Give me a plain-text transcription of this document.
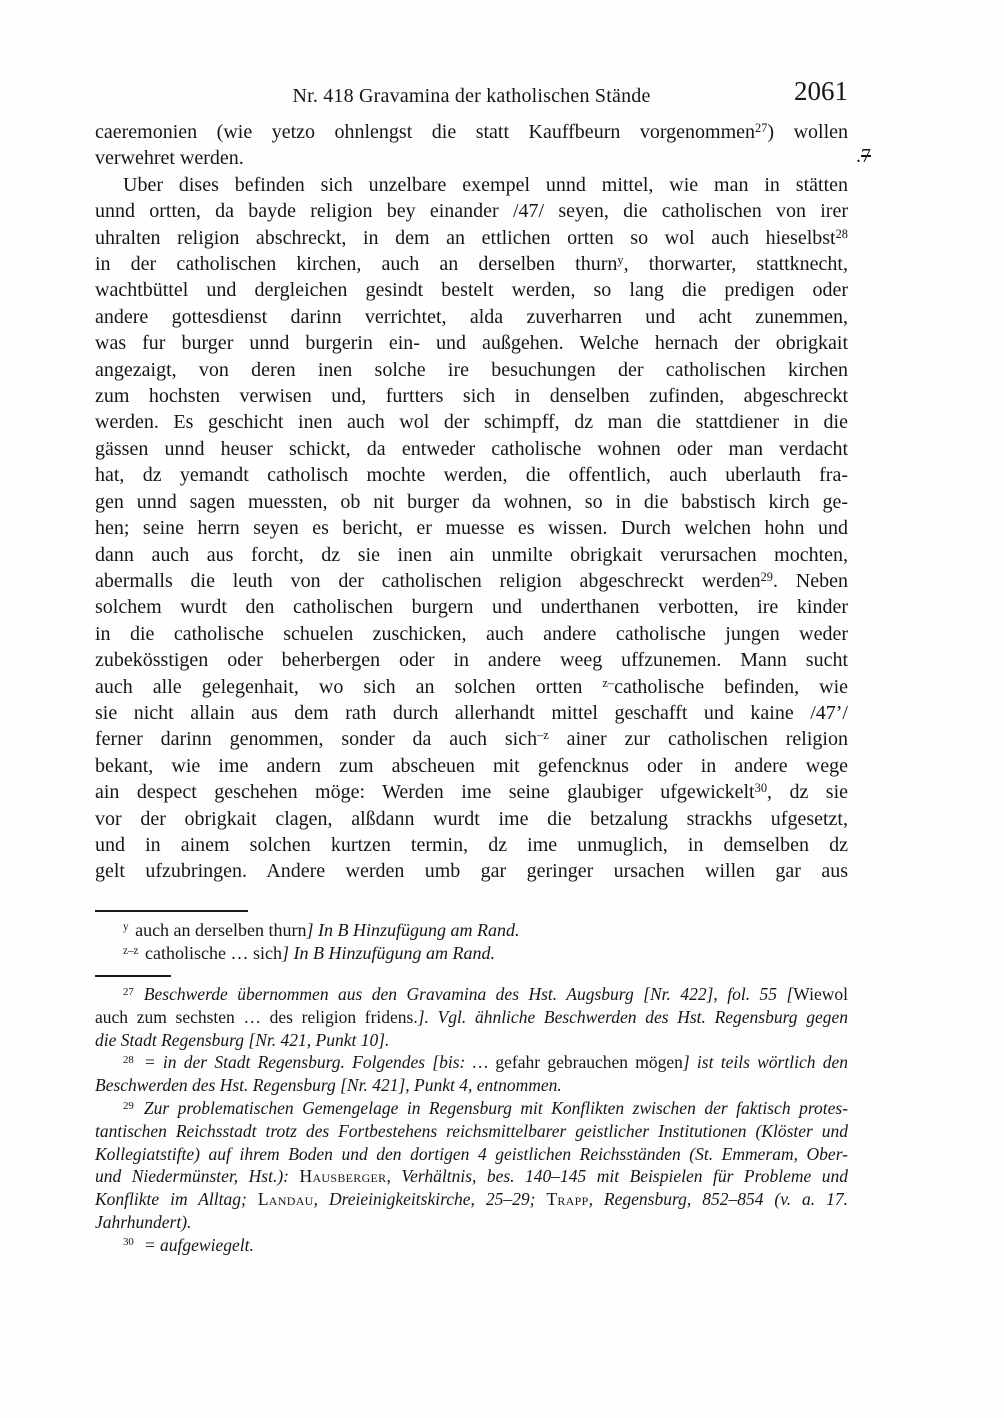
Nr. 418 Gravamina der katholischen Stände	2061
caeremonien (wie yetzo ohnlengst die statt Kauffbeurn vorgenommen$^{27}$) wollen
verwehret werden.
Uber dises befinden sich unzelbare exempel unnd mittel, wie man in stätten
unnd ortten, da bayde religion bey einander /47/ seyen, die catholischen von irer
uhralten religion abschreckt, in dem an ettlichen ortten so wol auch hieselbst$^{28}$
in der catholischen kirchen, auch an derselben thurn$^y$, thorwarter, stattknecht,
wachtbüttel und dergleichen gesindt bestelt werden, so lang die predigen oder
andere gottesdienst darinn verrichtet, alda zuverharren und acht zunemmen,
was fur burger unnd burgerin ein- und außgehen. Welche hernach der obrigkait
angezaigt, von deren inen solche ire besuchungen der catholischen kirchen
zum hochsten verwisen und, furtters sich in denselben zufinden, abgeschreckt
werden. Es geschicht inen auch wol der schimpff, dz man die stattdiener in die
gässen unnd heuser schickt, da entweder catholische wohnen oder man verdacht
hat, dz yemandt catholisch mochte werden, die offentlich, auch uberlauth fra-
gen unnd sagen muessten, ob nit burger da wohnen, so in die babstisch kirch ge-
hen; seine herrn seyen es bericht, er muesse es wissen. Durch welchen hohn und
dann auch aus forcht, dz sie inen ain unmilte obrigkait verursachen mochten,
abermalls die leuth von der catholischen religion abgeschreckt werden$^{29}$. Neben
solchem wurdt den catholischen burgern und underthanen verbotten, ire kinder
in die catholische schuelen zuschicken, auch andere catholische jungen weder
zubekösstigen oder beherbergen oder in andere weeg uffzunemen. Mann sucht
auch alle gelegenhait, wo sich an solchen ortten $^{z-}$catholische befinden, wie
sie nicht allain aus dem rath durch allerhandt mittel geschafft und kaine /47’/
ferner darinn genommen, sonder da auch sich$^{-z}$ ainer zur catholischen religion
bekant, wie ime andern zum abscheuen mit gefencknus oder in andere wege
ain despect geschehen möge: Werden ime seine glaubiger ufgewickelt$^{30}$, dz sie
vor der obrigkait clagen, alßdann wurdt ime die betzalung strackhs ufgesetzt,
und in ainem solchen kurtzen termin, dz ime unmuglich, in demselben dz
gelt ufzubringen. Andere werden umb gar geringer ursachen willen gar aus
.7
$^y$ auch an derselben thurn] In B Hinzufügung am Rand.
$^{z-z}$ catholische … sich] In B Hinzufügung am Rand.
$^{27}$ Beschwerde übernommen aus den Gravamina des Hst. Augsburg [Nr. 422], fol. 55 [Wiewol
auch zum sechsten … des religion fridens.]. Vgl. ähnliche Beschwerden des Hst. Regensburg gegen
die Stadt Regensburg [Nr. 421, Punkt 10].
$^{28}$ = in der Stadt Regensburg. Folgendes [bis: … gefahr gebrauchen mögen] ist teils wörtlich den
Beschwerden des Hst. Regensburg [Nr. 421], Punkt 4, entnommen.
$^{29}$ Zur problematischen Gemengelage in Regensburg mit Konflikten zwischen der faktisch protes-
tantischen Reichsstadt trotz des Fortbestehens reichsmittelbarer geistlicher Institutionen (Klöster und
Kollegiatstifte) auf ihrem Boden und den dortigen 4 geistlichen Reichsständen (St. Emmeram, Ober-
und Niedermünster, Hst.): Hausberger, Verhältnis, bes. 140–145 mit Beispielen für Probleme und
Konflikte im Alltag; Landau, Dreieinigkeitskirche, 25–29; Trapp, Regensburg, 852–854 (v. a. 17.
Jahrhundert).
$^{30}$ = aufgewiegelt.
